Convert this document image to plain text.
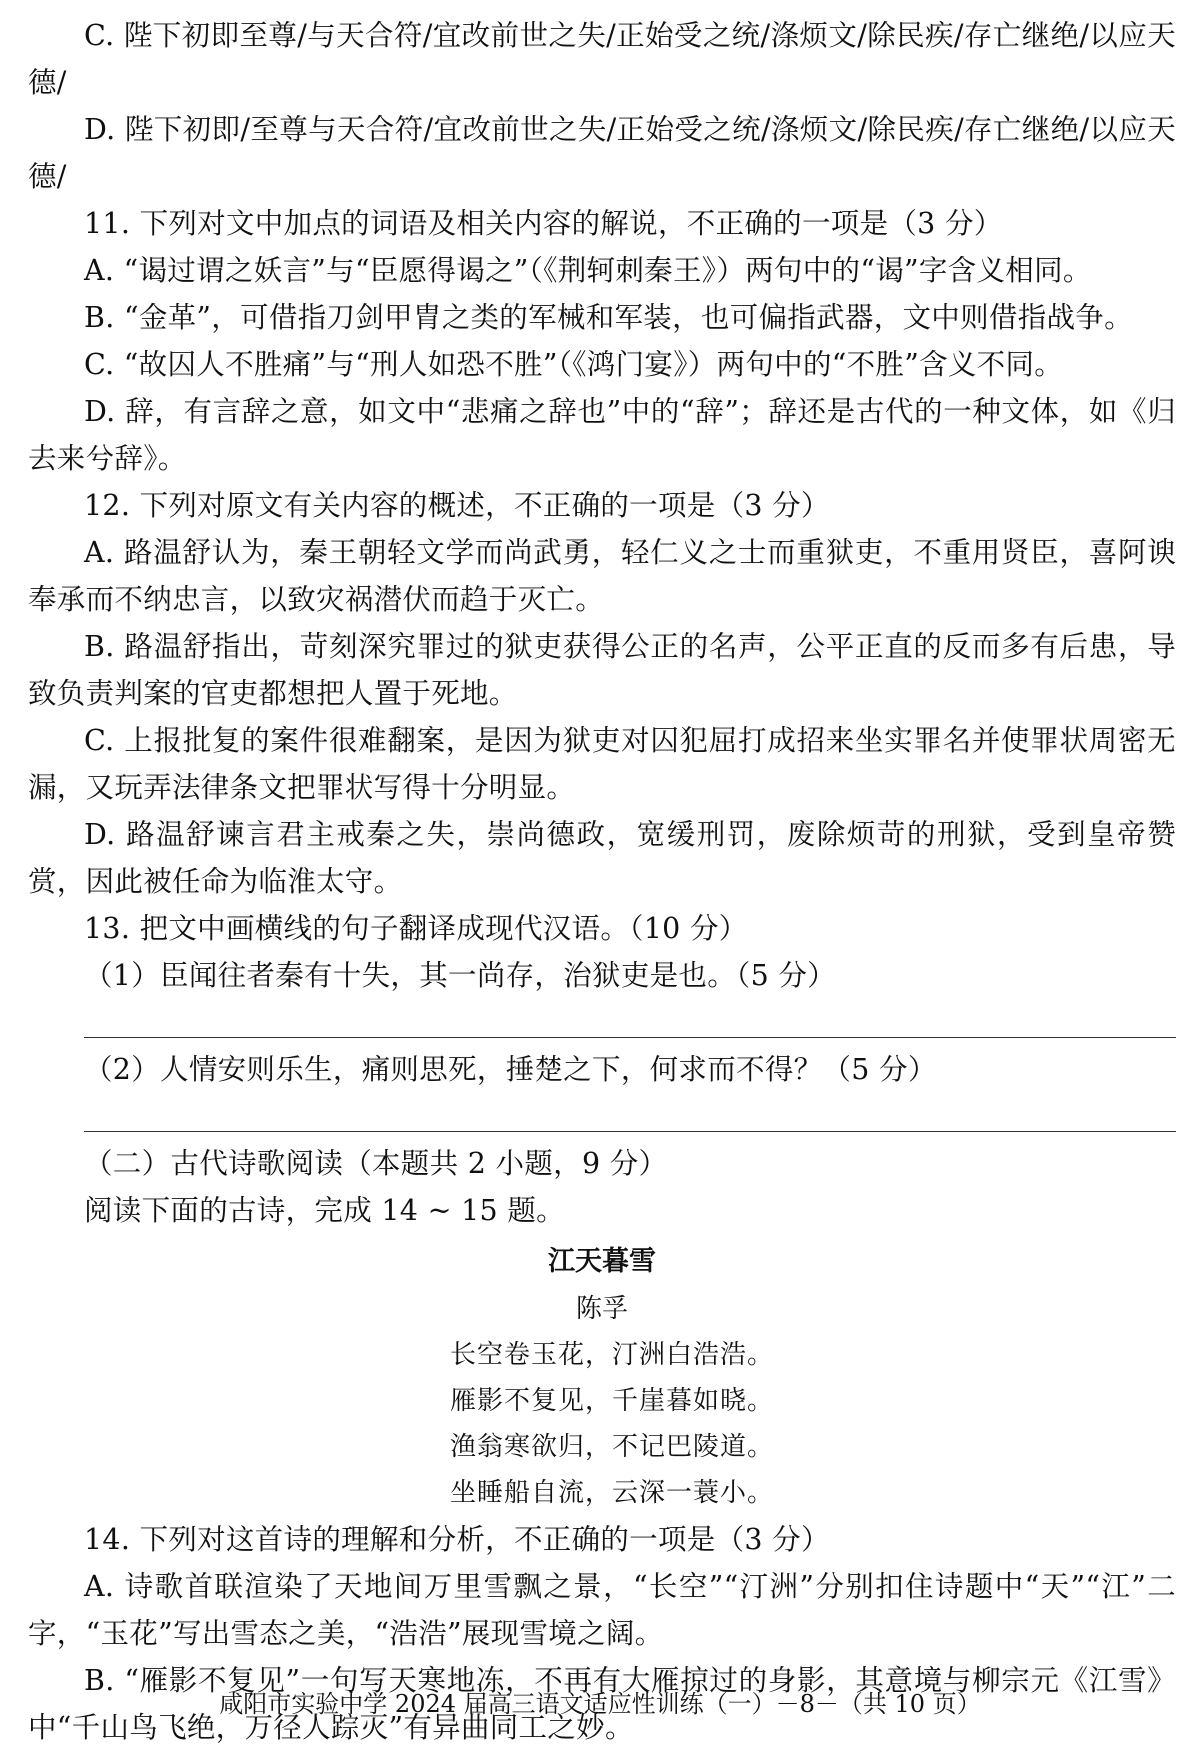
C. 陛下初即至尊/与天合符/宜改前世之失/正始受之统/涤烦文/除民疾/存亡继绝/以应天德/

D. 陛下初即/至尊与天合符/宜改前世之失/正始受之统/涤烦文/除民疾/存亡继绝/以应天德/

11. 下列对文中加点的词语及相关内容的解说，不正确的一项是（3 分）

A. “谒过谓之妖言”与“臣愿得谒之”（《荆轲刺秦王》）两句中的“谒”字含义相同。

B. “金革”，可借指刀剑甲胄之类的军械和军装，也可偏指武器，文中则借指战争。

C. “故囚人不胜痛”与“刑人如恐不胜”（《鸿门宴》）两句中的“不胜”含义不同。

D. 辞，有言辞之意，如文中“悲痛之辞也”中的“辞”；辞还是古代的一种文体，如《归去来兮辞》。

12. 下列对原文有关内容的概述，不正确的一项是（3 分）

A. 路温舒认为，秦王朝轻文学而尚武勇，轻仁义之士而重狱吏，不重用贤臣，喜阿谀奉承而不纳忠言，以致灾祸潜伏而趋于灭亡。

B. 路温舒指出，苛刻深究罪过的狱吏获得公正的名声，公平正直的反而多有后患，导致负责判案的官吏都想把人置于死地。

C. 上报批复的案件很难翻案，是因为狱吏对囚犯屈打成招来坐实罪名并使罪状周密无漏，又玩弄法律条文把罪状写得十分明显。

D. 路温舒谏言君主戒秦之失，崇尚德政，宽缓刑罚，废除烦苛的刑狱，受到皇帝赞赏，因此被任命为临淮太守。

13. 把文中画横线的句子翻译成现代汉语。（10 分）

（1）臣闻往者秦有十失，其一尚存，治狱吏是也。（5 分）

（2）人情安则乐生，痛则思死，捶楚之下，何求而不得？（5 分）

（二）古代诗歌阅读（本题共 2 小题，9 分）

阅读下面的古诗，完成 14 ~ 15 题。

江天暮雪

陈孚

长空卷玉花，汀洲白浩浩。

雁影不复见，千崖暮如晓。

渔翁寒欲归，不记巴陵道。

坐睡船自流，云深一蓑小。

14. 下列对这首诗的理解和分析，不正确的一项是（3 分）

A. 诗歌首联渲染了天地间万里雪飘之景，“长空”“汀洲”分别扣住诗题中“天”“江”二字，“玉花”写出雪态之美，“浩浩”展现雪境之阔。

B. “雁影不复见”一句写天寒地冻，不再有大雁掠过的身影，其意境与柳宗元《江雪》中“千山鸟飞绝，万径人踪灭”有异曲同工之妙。

咸阳市实验中学 2024 届高三语文适应性训练（一）－8－（共 10 页）
